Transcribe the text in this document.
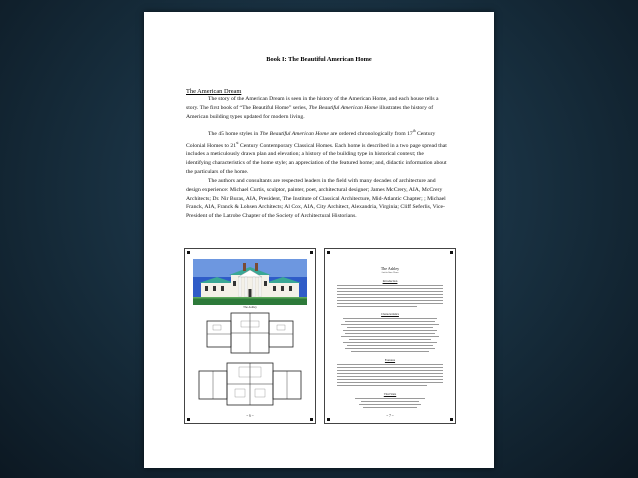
Book I: The Beautiful American Home
The American Dream

The story of the American Dream is seen in the history of the American Home, and each house tells a story. The first book of “The Beautiful Home” series, The Beautiful American Home illustrates the history of American building types updated for modern living.

The 45 home styles in The Beautiful American Home are ordered chronologically from 17th Century Colonial Homes to 21st Century Contemporary Classical Homes. Each home is described in a two page spread that includes a meticulously drawn plan and elevation; a history of the building type in historical context; the identifying characteristics of the home style; an appreciation of the featured home; and, didactic information about the particulars of the home.

The authors and consultants are respected leaders in the field with many decades of architecture and design experience: Michael Curtis, sculptor, painter, poet, architectural designer; James McCrery, AIA, McCrery Architects; Dr. Nir Buras, AIA, President, The Institute of Classical Architecture, Mid-Atlantic Chapter; ; Michael Franck, AIA, Franck & Lohsen Architects; Al Cox, AIA, City Architect, Alexandria, Virginia; Cliff Seferlis, Vice-President of the Latrobe Chapter of the Society of Architectural Historians.

The Ashley
~ 6 ~
The Ashley
Antebellum Home
Introduction
Characteristics
Features
Vital Stats
~ 7 ~
